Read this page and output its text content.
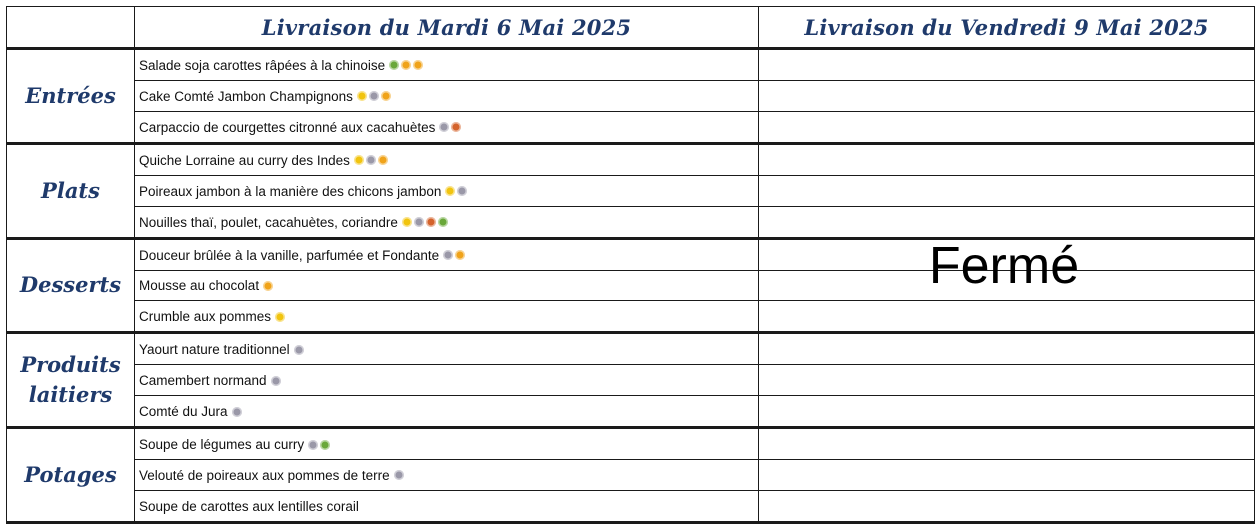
	Livraison du Mardi 6 Mai 2025	Livraison du Vendredi 9 Mai 2025
Entrées	Salade soja carottes râpées à la chinoise	
	Cake Comté Jambon Champignons	
	Carpaccio de courgettes citronné aux cacahuètes	
Plats	Quiche Lorraine au curry des Indes	
	Poireaux jambon à la manière des chicons jambon	
	Nouilles thaï, poulet, cacahuètes, coriandre	
Desserts	Douceur brûlée à la vanille, parfumée et Fondante	
	Mousse au chocolat	
	Crumble aux pommes	
Produits laitiers	Yaourt nature traditionnel	
	Camembert normand	
	Comté du Jura	
Potages	Soupe de légumes au curry	
	Velouté de poireaux aux pommes de terre	
	Soupe de carottes aux lentilles corail	
Fermé
